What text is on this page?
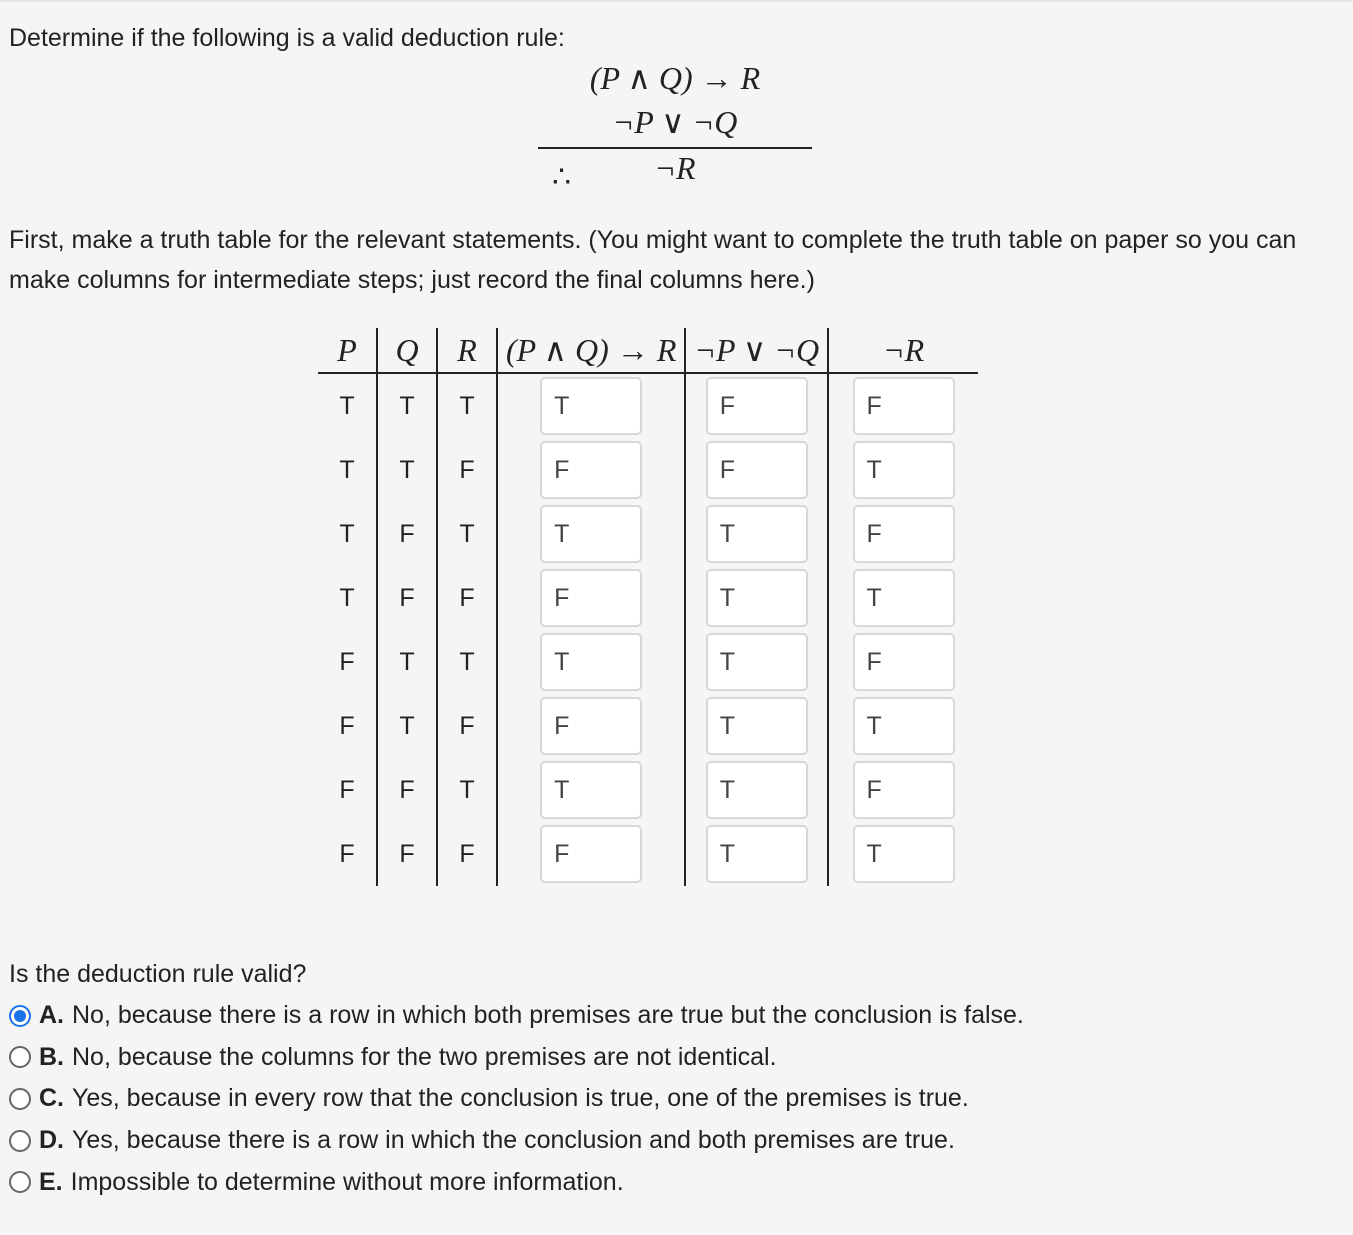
Determine if the following is a valid deduction rule:

(P ∧ Q) → R
¬P ∨ ¬Q
∴	¬R

First, make a truth table for the relevant statements. (You might want to complete the truth table on paper so you can make columns for intermediate steps; just record the final columns here.)

P	Q	R	(P ∧ Q) → R	¬P ∨ ¬Q	¬R
T	T	T	T	F	F
T	T	F	F	F	T
T	F	T	T	T	F
T	F	F	F	T	T
F	T	T	T	T	F
F	T	F	F	T	T
F	F	T	T	T	F
F	F	F	F	T	T

Is the deduction rule valid?

A. No, because there is a row in which both premises are true but the conclusion is false.
B. No, because the columns for the two premises are not identical.
C. Yes, because in every row that the conclusion is true, one of the premises is true.
D. Yes, because there is a row in which the conclusion and both premises are true.
E. Impossible to determine without more information.
